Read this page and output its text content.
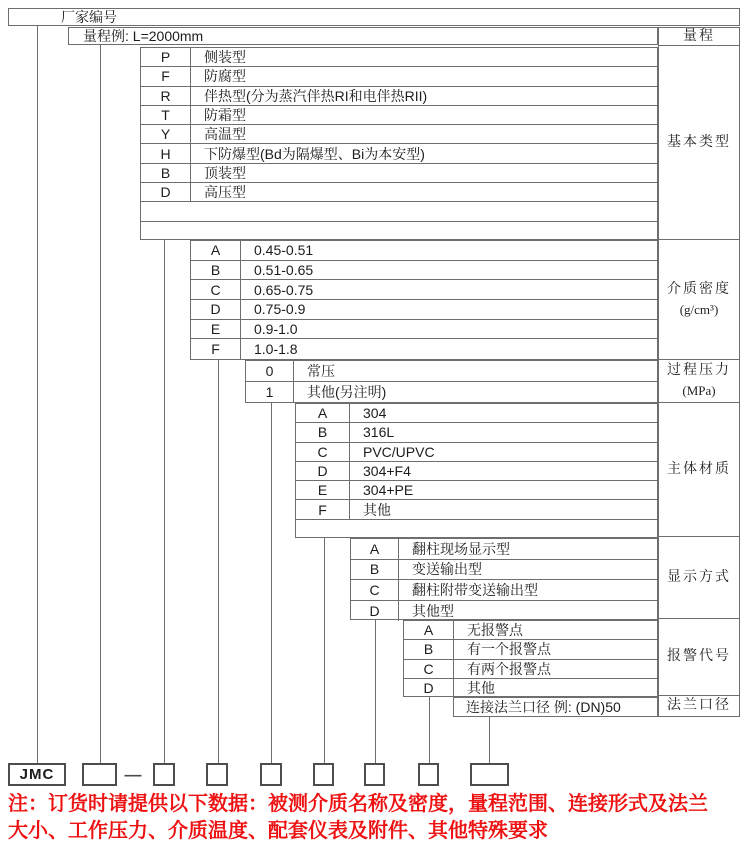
厂家编号
量程例: L=2000mm
P	侧装型
F	防腐型
R	伴热型(分为蒸汽伴热RI和电伴热RII)
T	防霜型
Y	高温型
H	下防爆型(Bd为隔爆型、Bi为本安型)
B	顶装型
D	高压型
A	0.45-0.51
B	0.51-0.65
C	0.65-0.75
D	0.75-0.9
E	0.9-1.0
F	1.0-1.8
0	常压
1	其他(另注明)
A	304
B	316L
C	PVC/UPVC
D	304+F4
E	304+PE
F	其他
A	翻柱现场显示型
B	变送输出型
C	翻柱附带变送输出型
D	其他型
A	无报警点
B	有一个报警点
C	有两个报警点
D	其他
连接法兰口径 例: (DN)50
量程
基本类型
介质密度
(g/cm³)
过程压力
(MPa)
主体材质
显示方式
报警代号
法兰口径
JMC	—
注：订货时请提供以下数据：被测介质名称及密度，量程范围、连接形式及法兰
大小、工作压力、介质温度、配套仪表及附件、其他特殊要求
